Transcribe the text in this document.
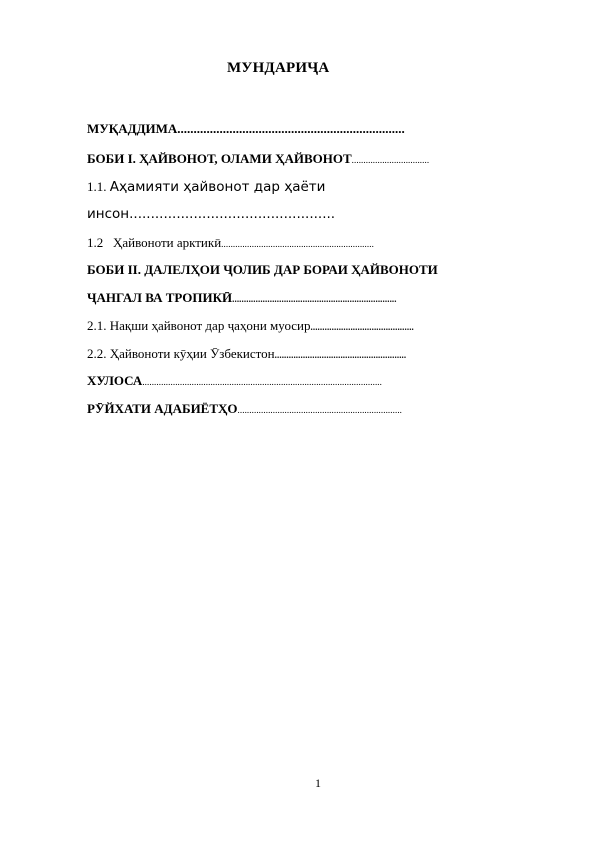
МУНДАРИҶА
МУҚАДДИМА......................................................................
БОБИ I. ҲАЙВОНОТ, ОЛАМИ ҲАЙВОНОТ.................................
1.1. Аҳамияти ҳайвонот дар ҳаёти
инсон................................................
1.2   Ҳайвоноти арктикӣ.................................................................
БОБИ II. ДАЛЕЛҲОИ ҶОЛИБ ДАР БОРАИ ҲАЙВОНОТИ
ҶАНГАЛ ВА ТРОПИКӢ......................................................................
2.1. Нақши ҳайвонот дар ҷаҳони муосир............................................
2.2. Ҳайвоноти кӯҳии Ӯзбекистон........................................................
ХУЛОСА......................................................................................................
РӮЙХАТИ АДАБИЁТҲО......................................................................
1
